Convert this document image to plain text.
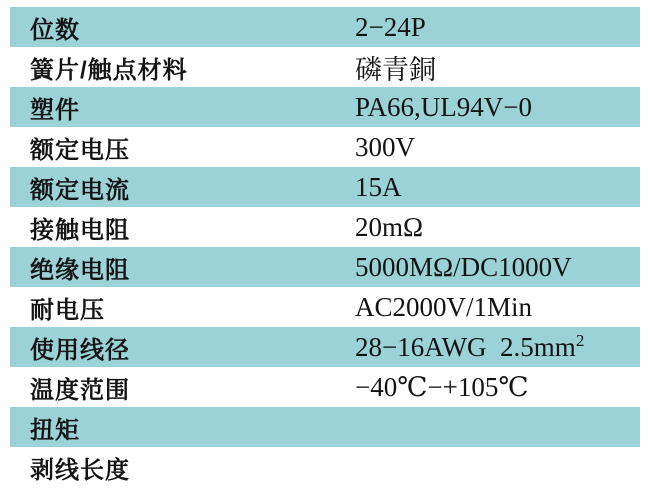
位数	2−24P
簧片/触点材料	磷青銅
塑件	PA66,UL94V−0
额定电压	300V
额定电流	15A
接触电阻	20mΩ
绝缘电阻	5000MΩ/DC1000V
耐电压	AC2000V/1Min
使用线径	28−16AWG  $2.5mm^2$
温度范围	−40℃−+105℃
扭矩
剥线长度
